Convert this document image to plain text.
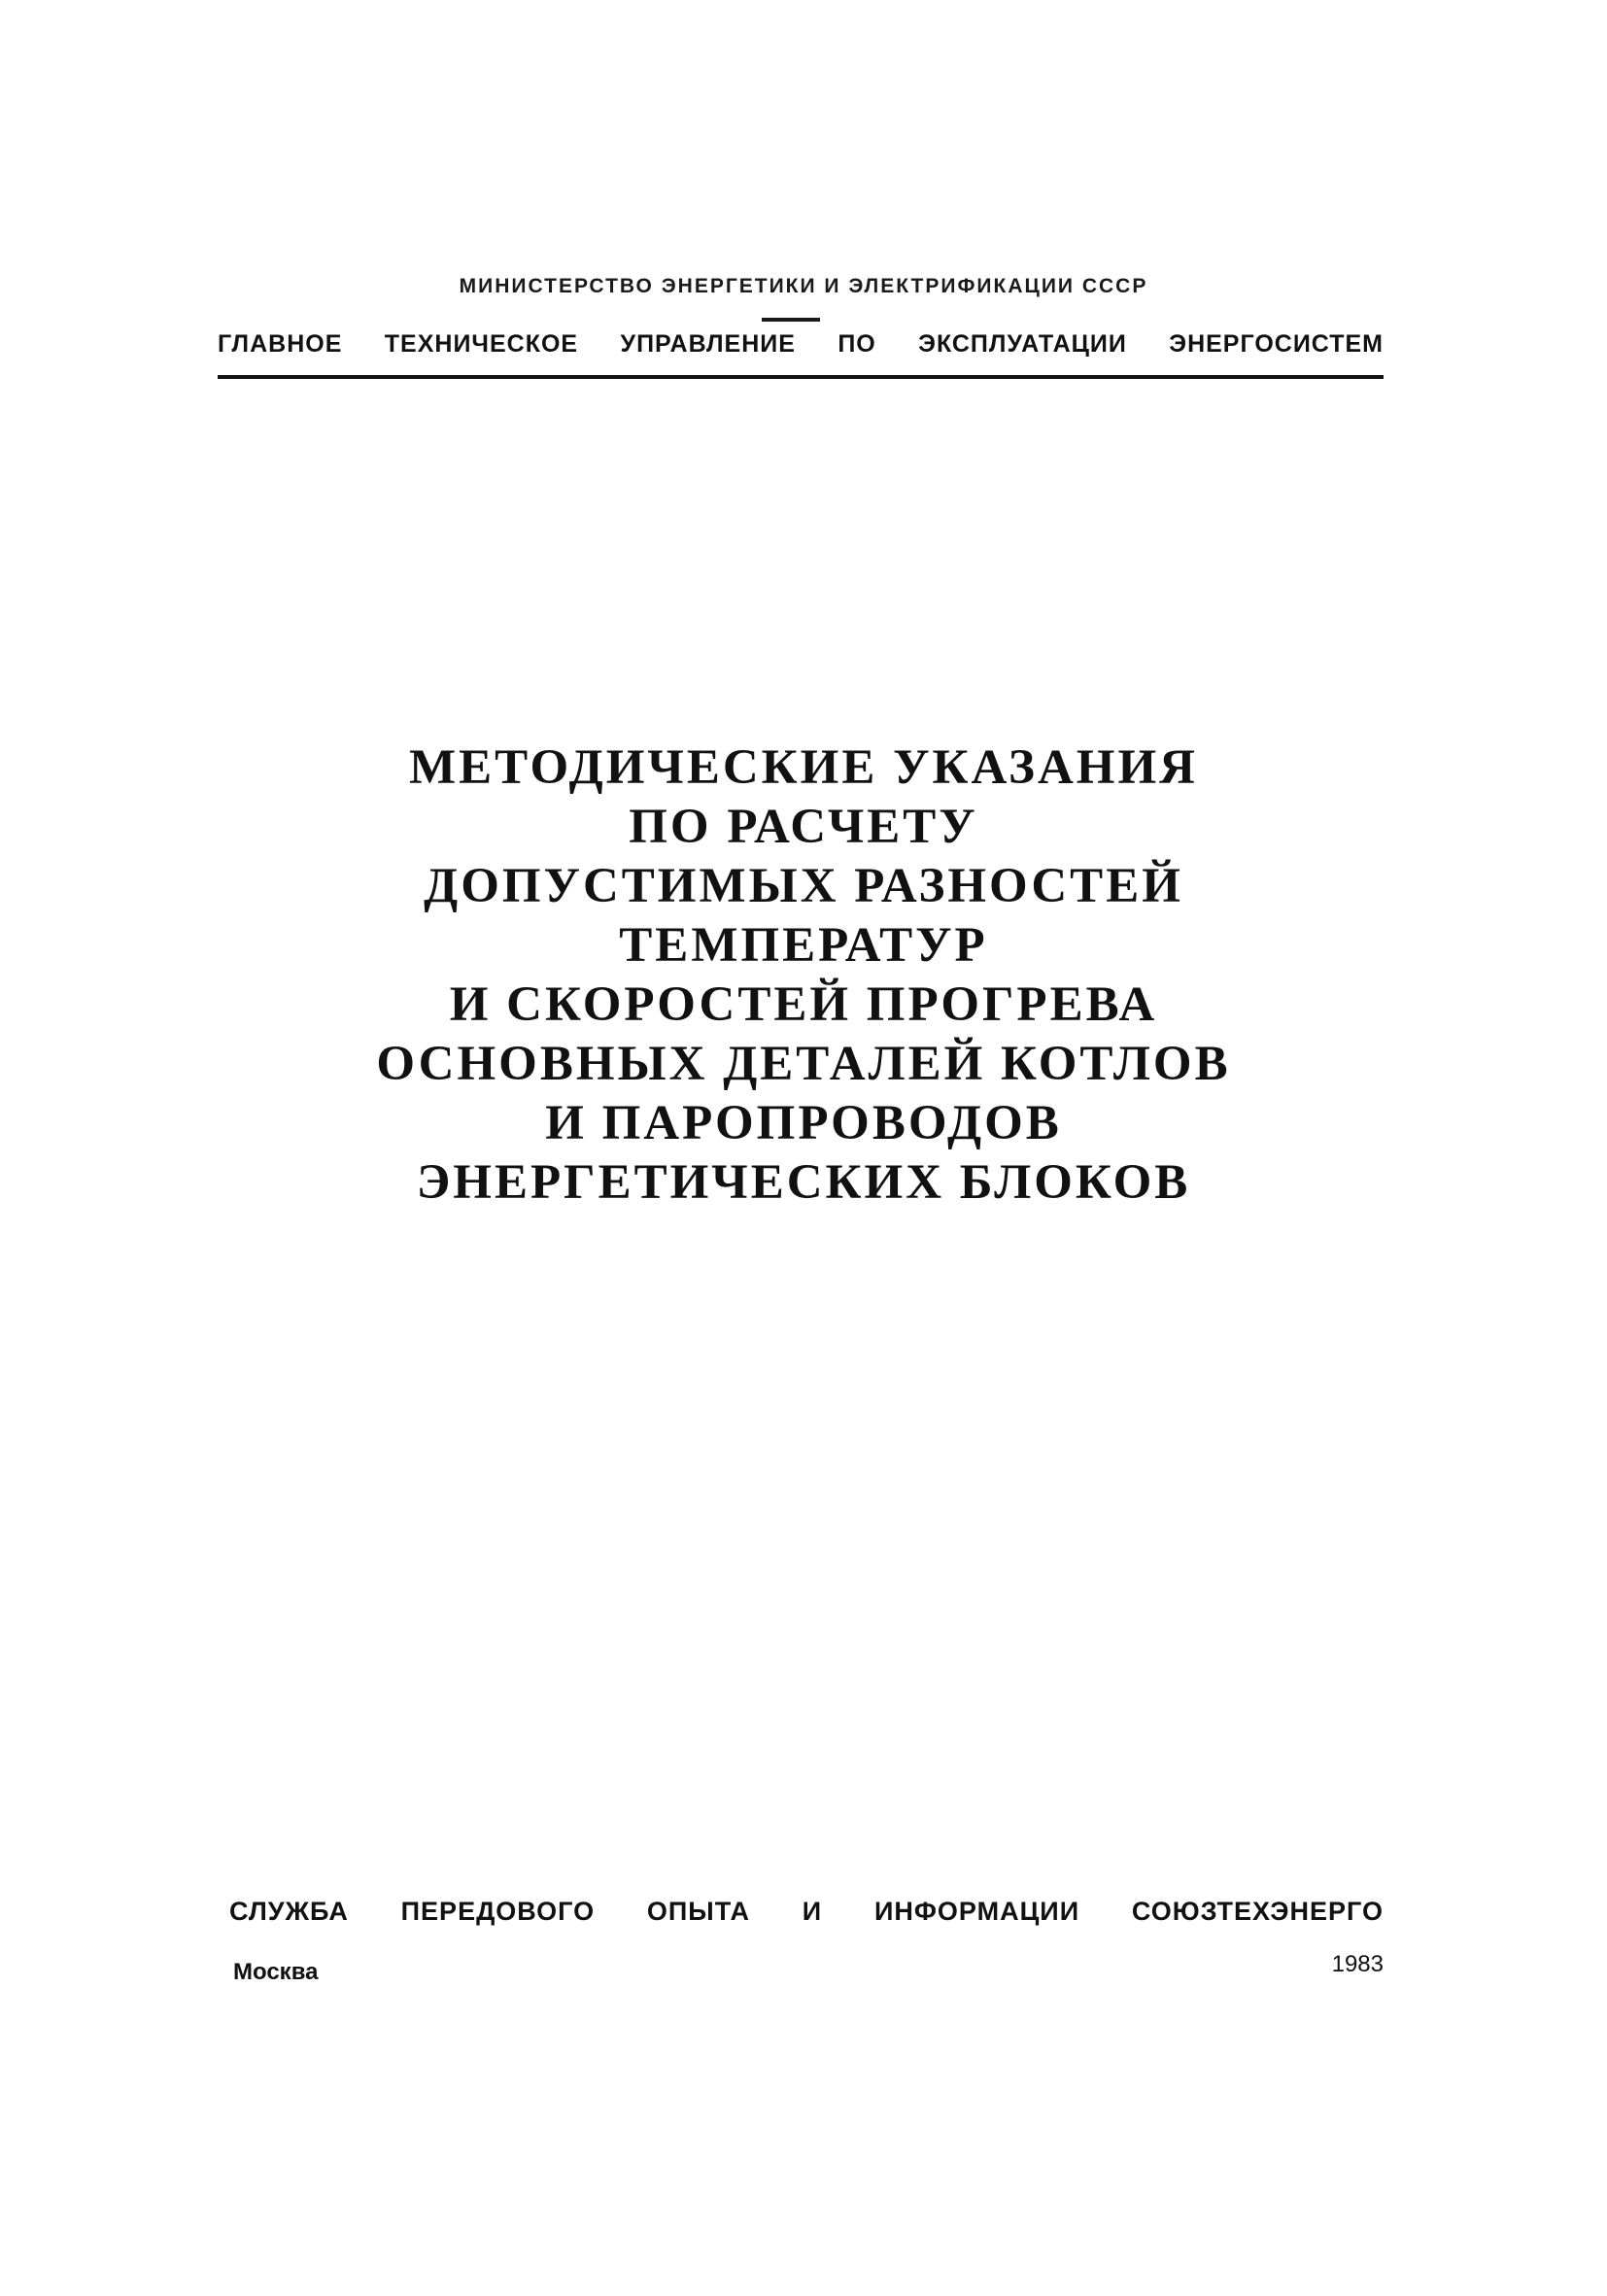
МИНИСТЕРСТВО ЭНЕРГЕТИКИ И ЭЛЕКТРИФИКАЦИИ СССР
ГЛАВНОЕ ТЕХНИЧЕСКОЕ УПРАВЛЕНИЕ ПО ЭКСПЛУАТАЦИИ ЭНЕРГОСИСТЕМ
МЕТОДИЧЕСКИЕ УКАЗАНИЯ
ПО РАСЧЕТУ
ДОПУСТИМЫХ РАЗНОСТЕЙ
ТЕМПЕРАТУР
И СКОРОСТЕЙ ПРОГРЕВА
ОСНОВНЫХ ДЕТАЛЕЙ КОТЛОВ
И ПАРОПРОВОДОВ
ЭНЕРГЕТИЧЕСКИХ БЛОКОВ
СЛУЖБА ПЕРЕДОВОГО ОПЫТА И ИНФОРМАЦИИ СОЮЗТЕХЭНЕРГО
Москва	1983
